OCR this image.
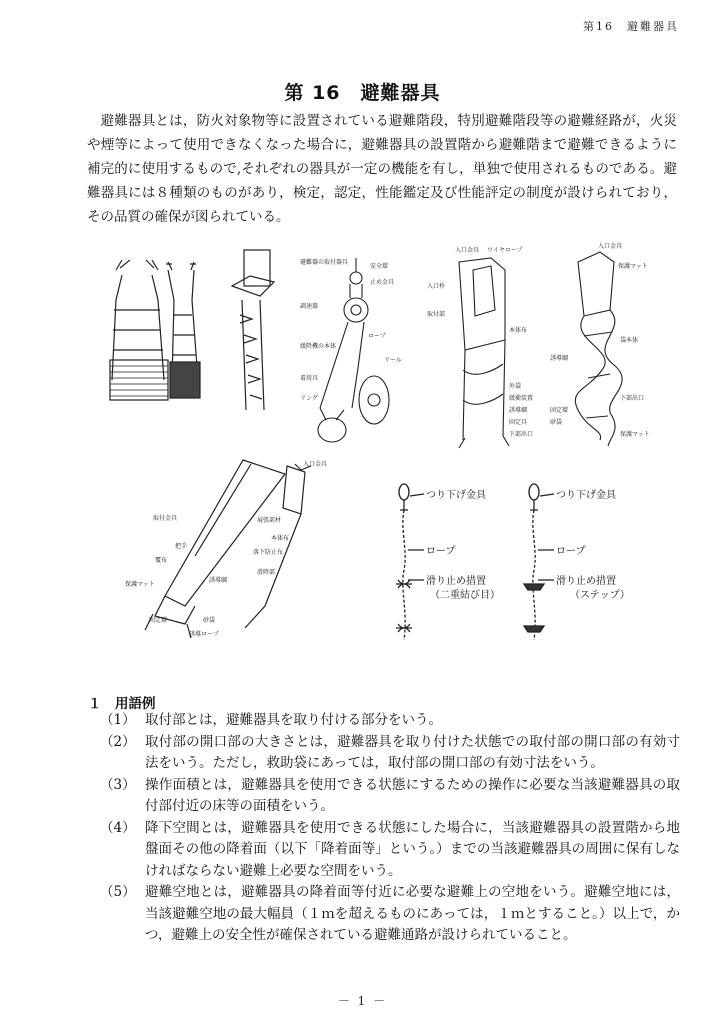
第16　避難器具
第 16　避難器具

避難器具とは，防火対象物等に設置されている避難階段，特別避難階段等の避難経路が，火災や煙等によって使用できなくなった場合に，避難器具の設置階から避難階まで避難できるように補完的に使用するもので,それぞれの器具が一定の機能を有し，単独で使用されるものである。避難器具には８種類のものがあり，検定，認定，性能鑑定及び性能評定の制度が設けられており，その品質の確保が図られている。

避難器の取付器具
安全環
止め金具
調速器
ロープ
緩降機の本体
リール
着用具
リング
入口金具 ワイヤロープ
入口枠
取付部
本体布
外袋
緩衝装置
誘導綱
固定具
下部出口
入口金具
保護マット
袋本体
誘導綱
下部出口
固定環
砂袋
保護マット
入口金具
取付金具	展張部材
本体布
把手
落下防止布
覆布
滑降部
誘導綱
保護マット
固定環	砂袋
誘導ロープ
つり下げ金具
ロープ
滑り止め措置
（二重結び目）
つり下げ金具
ロープ
滑り止め措置
（ステップ）
１　用語例
（1） 取付部とは，避難器具を取り付ける部分をいう。
（2） 取付部の開口部の大きさとは，避難器具を取り付けた状態での取付部の開口部の有効寸法をいう。ただし，救助袋にあっては，取付部の開口部の有効寸法をいう。
（3） 操作面積とは，避難器具を使用できる状態にするための操作に必要な当該避難器具の取付部付近の床等の面積をいう。
（4） 降下空間とは，避難器具を使用できる状態にした場合に，当該避難器具の設置階から地盤面その他の降着面（以下「降着面等」という。）までの当該避難器具の周囲に保有しなければならない避難上必要な空間をいう。
（5） 避難空地とは，避難器具の降着面等付近に必要な避難上の空地をいう。避難空地には，当該避難空地の最大幅員（１ｍを超えるものにあっては，１ｍとすること。）以上で，かつ，避難上の安全性が確保されている避難通路が設けられていること。
－ 1 －
